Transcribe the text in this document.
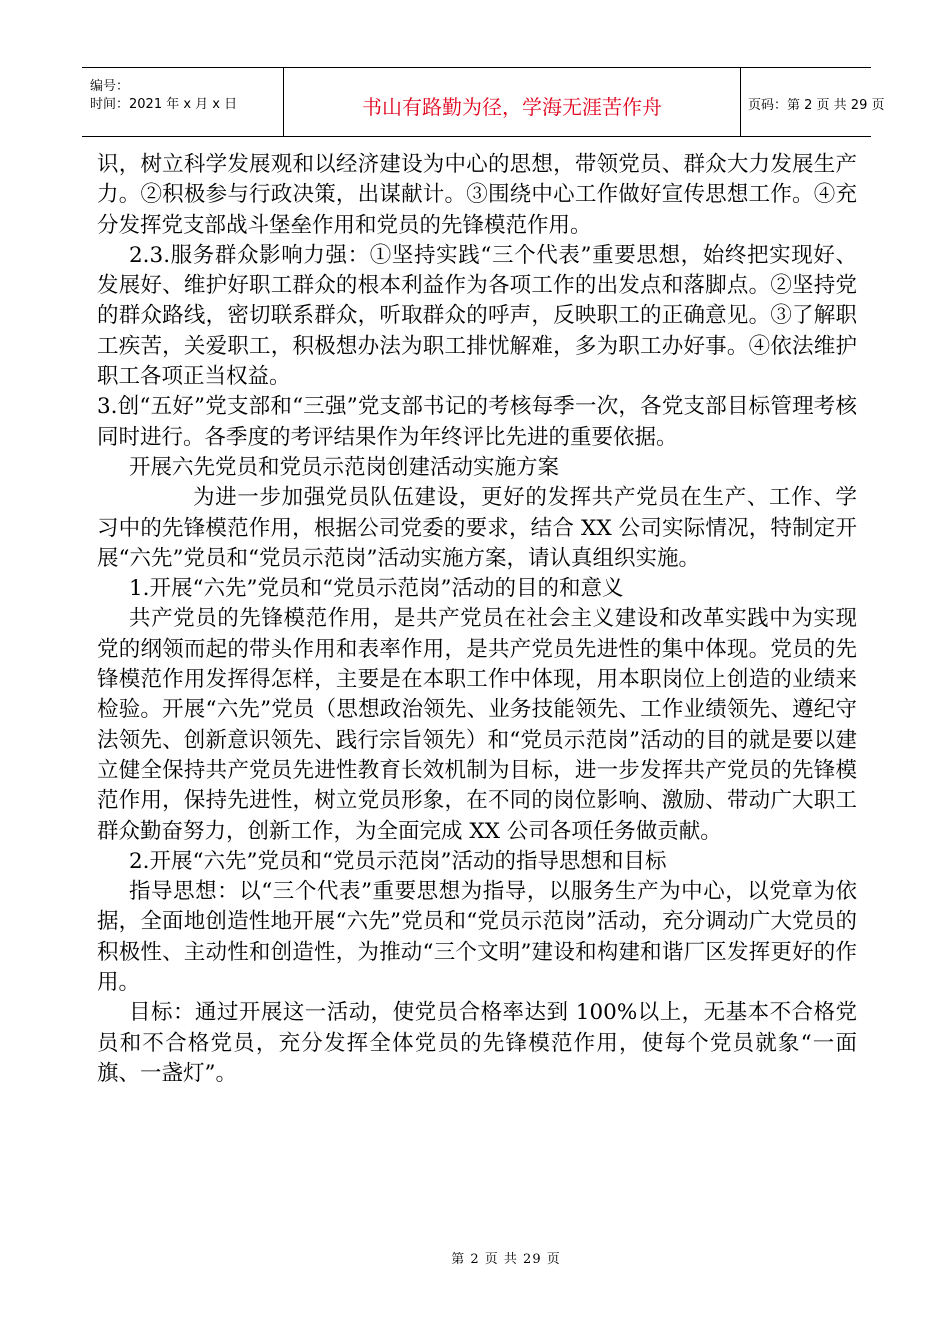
编号：
时间：2021 年 x 月 x 日	书山有路勤为径，学海无涯苦作舟	页码：第 2 页 共 29 页

识，树立科学发展观和以经济建设为中心的思想，带领党员、群众大力发展生产力。②积极参与行政决策，出谋献计。③围绕中心工作做好宣传思想工作。④充分发挥党支部战斗堡垒作用和党员的先锋模范作用。

2.3.服务群众影响力强：①坚持实践“三个代表”重要思想，始终把实现好、发展好、维护好职工群众的根本利益作为各项工作的出发点和落脚点。②坚持党的群众路线，密切联系群众，听取群众的呼声，反映职工的正确意见。③了解职工疾苦，关爱职工，积极想办法为职工排忧解难，多为职工办好事。④依法维护职工各项正当权益。

3.创“五好”党支部和“三强”党支部书记的考核每季一次，各党支部目标管理考核同时进行。各季度的考评结果作为年终评比先进的重要依据。

开展六先党员和党员示范岗创建活动实施方案

为进一步加强党员队伍建设，更好的发挥共产党员在生产、工作、学习中的先锋模范作用，根据公司党委的要求，结合 XX 公司实际情况，特制定开展“六先”党员和“党员示范岗”活动实施方案，请认真组织实施。

1.开展“六先”党员和“党员示范岗”活动的目的和意义

共产党员的先锋模范作用，是共产党员在社会主义建设和改革实践中为实现党的纲领而起的带头作用和表率作用，是共产党员先进性的集中体现。党员的先锋模范作用发挥得怎样，主要是在本职工作中体现，用本职岗位上创造的业绩来检验。开展“六先”党员（思想政治领先、业务技能领先、工作业绩领先、遵纪守法领先、创新意识领先、践行宗旨领先）和“党员示范岗”活动的目的就是要以建立健全保持共产党员先进性教育长效机制为目标，进一步发挥共产党员的先锋模范作用，保持先进性，树立党员形象，在不同的岗位影响、激励、带动广大职工群众勤奋努力，创新工作，为全面完成 XX 公司各项任务做贡献。

2.开展“六先”党员和“党员示范岗”活动的指导思想和目标

指导思想：以“三个代表”重要思想为指导，以服务生产为中心，以党章为依据，全面地创造性地开展“六先”党员和“党员示范岗”活动，充分调动广大党员的积极性、主动性和创造性，为推动“三个文明”建设和构建和谐厂区发挥更好的作用。

目标：通过开展这一活动，使党员合格率达到 100%以上，无基本不合格党员和不合格党员，充分发挥全体党员的先锋模范作用，使每个党员就象“一面旗、一盏灯”。

第 2 页 共 29 页
